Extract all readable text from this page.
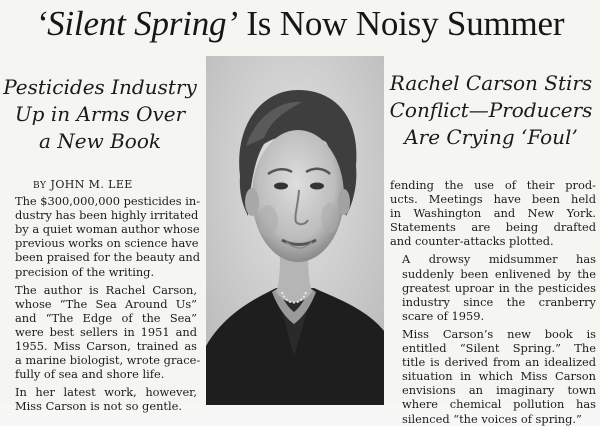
‘Silent Spring’ Is Now Noisy Summer
Pesticides Industry
Up in Arms Over
a New Book
Rachel Carson Stirs
Conflict—Producers
Are Crying ‘Foul’
BY JOHN M. LEE

The $300,000,000 pesticides in-
dustry has been highly irritated
by a quiet woman author whose
previous works on science have
been praised for the beauty and
precision of the writing.

The author is Rachel Carson,
whose “The Sea Around Us”
and “The Edge of the Sea”
were best sellers in 1951 and
1955. Miss Carson, trained as
a marine biologist, wrote grace-
fully of sea and shore life.

In her latest work, however,
Miss Carson is not so gentle.

fending the use of their prod-
ucts. Meetings have been held
in Washington and New York.
Statements are being drafted
and counter-attacks plotted.

A drowsy midsummer has
suddenly been enlivened by the
greatest uproar in the pesticides
industry since the cranberry
scare of 1959.

Miss Carson’s new book is
entitled “Silent Spring.” The
title is derived from an idealized
situation in which Miss Carson
envisions an imaginary town
where chemical pollution has
silenced “the voices of spring.”
